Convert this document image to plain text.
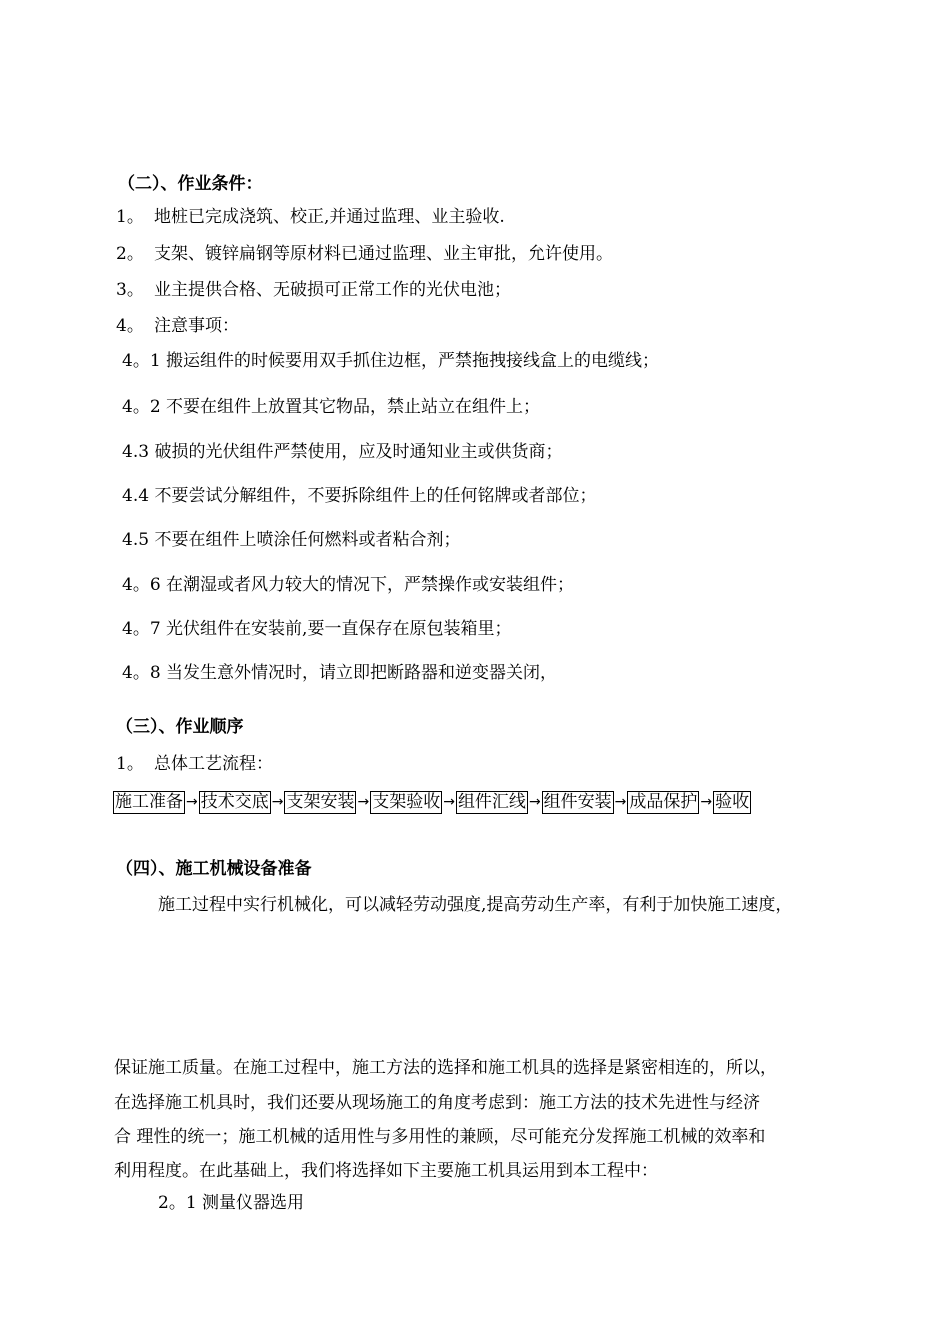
（二）、作业条件：
1。 地桩已完成浇筑、校正,并通过监理、业主验收.
2。 支架、镀锌扁钢等原材料已通过监理、业主审批，允许使用。
3。 业主提供合格、无破损可正常工作的光伏电池；
4。 注意事项：
4。1 搬运组件的时候要用双手抓住边框，严禁拖拽接线盒上的电缆线；
4。2 不要在组件上放置其它物品，禁止站立在组件上；
4.3 破损的光伏组件严禁使用，应及时通知业主或供货商；
4.4 不要尝试分解组件，不要拆除组件上的任何铭牌或者部位；
4.5 不要在组件上喷涂任何燃料或者粘合剂；
4。6 在潮湿或者风力较大的情况下，严禁操作或安装组件；
4。7 光伏组件在安装前,要一直保存在原包装箱里；
4。8 当发生意外情况时，请立即把断路器和逆变器关闭，
（三）、作业顺序
1。 总体工艺流程：
施工准备 → 技术交底 → 支架安装 → 支架验收 → 组件汇线 → 组件安装 → 成品保护 → 验收
（四）、施工机械设备准备
施工过程中实行机械化，可以减轻劳动强度,提高劳动生产率，有利于加快施工速度，
保证施工质量。在施工过程中，施工方法的选择和施工机具的选择是紧密相连的，所以，
在选择施工机具时，我们还要从现场施工的角度考虑到：施工方法的技术先进性与经济
合 理性的统一；施工机械的适用性与多用性的兼顾，尽可能充分发挥施工机械的效率和
利用程度。在此基础上，我们将选择如下主要施工机具运用到本工程中：
2。1 测量仪器选用
